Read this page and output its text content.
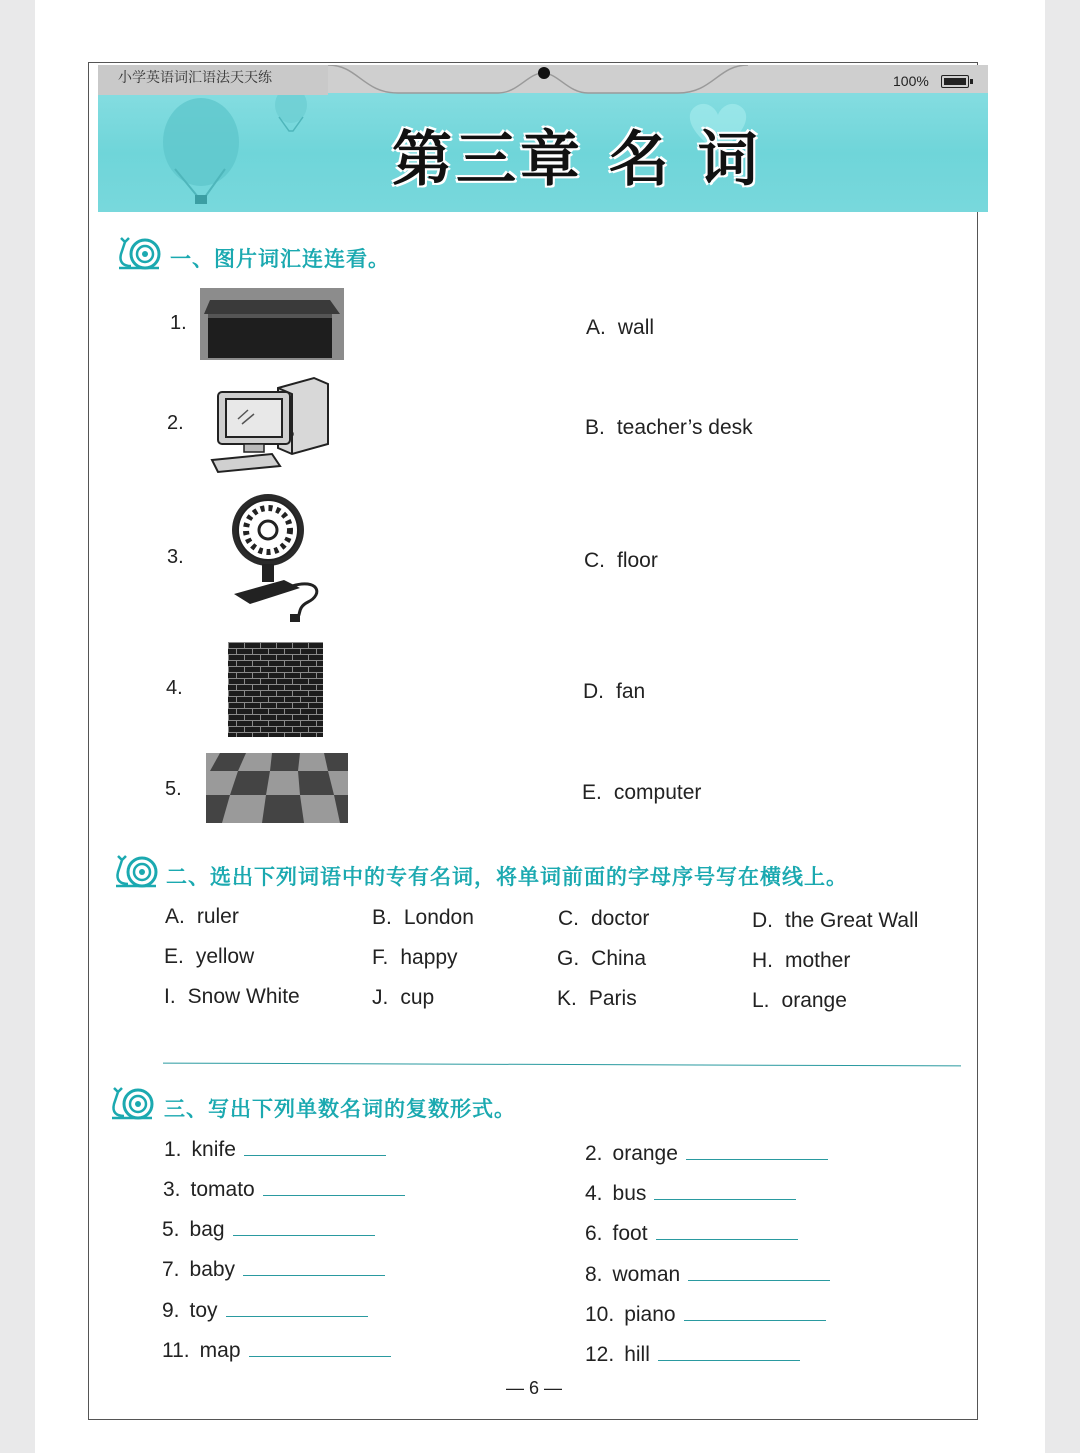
小学英语词汇语法天天练	100%
第三章 名 词
一、图片词汇连连看。
1.
2.
3.
4.
5.
A. wall
B. teacher’s desk
C. floor
D. fan
E. computer
二、选出下列词语中的专有名词，将单词前面的字母序号写在横线上。
A. ruler	B. London	C. doctor	D. the Great Wall
E. yellow	F. happy	G. China	H. mother
I. Snow White	J. cup	K. Paris	L. orange
三、写出下列单数名词的复数形式。
1. knife	2. orange
3. tomato	4. bus
5. bag	6. foot
7. baby	8. woman
9. toy	10. piano
11. map	12. hill
— 6 —
